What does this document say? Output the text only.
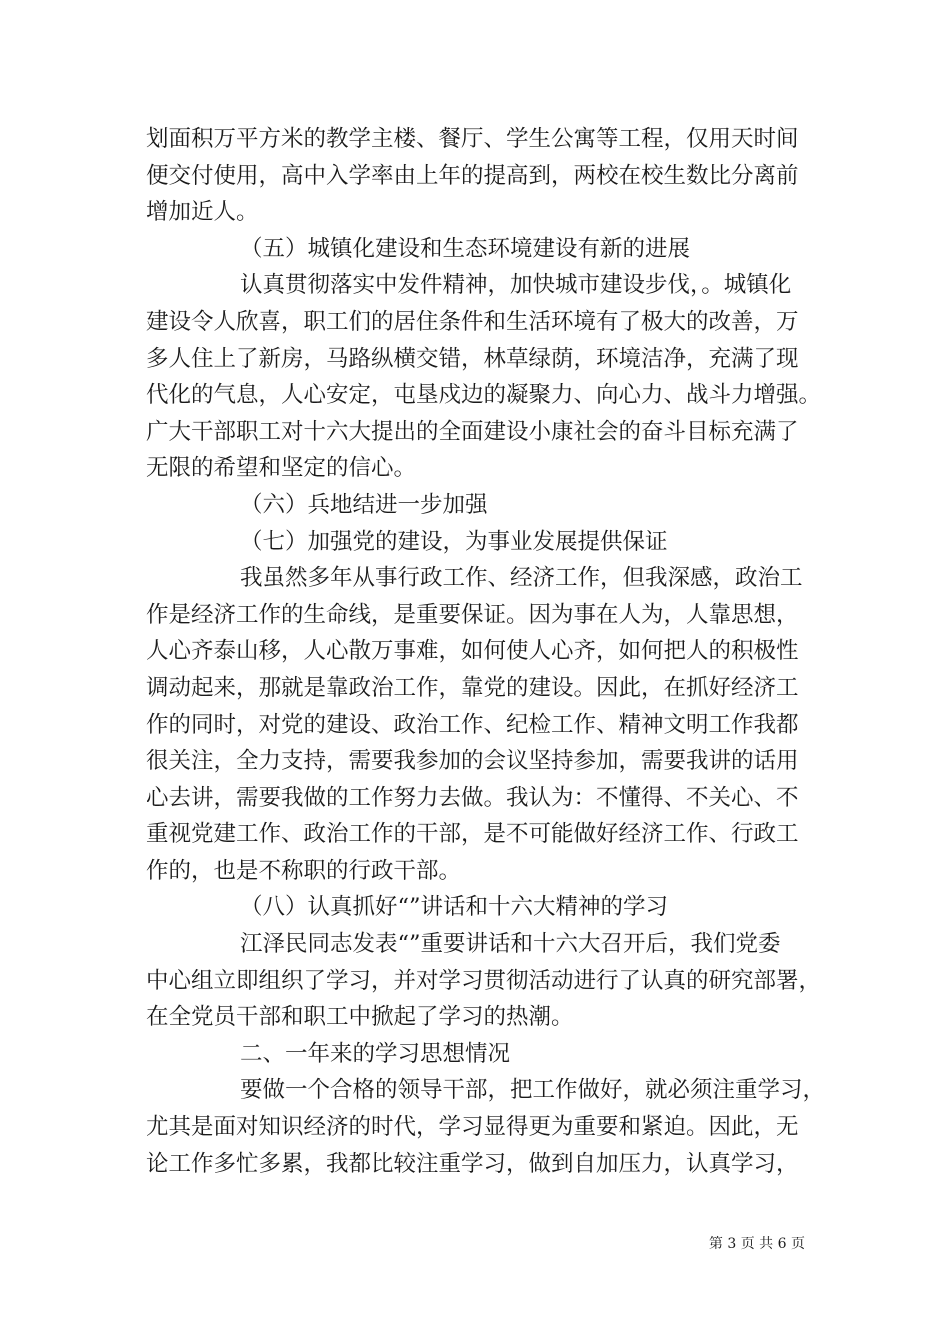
划面积万平方米的教学主楼、餐厅、学生公寓等工程，仅用天时间
便交付使用，高中入学率由上年的提高到，两校在校生数比分离前
增加近人。
（五）城镇化建设和生态环境建设有新的进展
认真贯彻落实中发件精神，加快城市建设步伐，。城镇化
建设令人欣喜，职工们的居住条件和生活环境有了极大的改善，万
多人住上了新房，马路纵横交错，林草绿荫，环境洁净，充满了现
代化的气息，人心安定，屯垦戍边的凝聚力、向心力、战斗力增强。
广大干部职工对十六大提出的全面建设小康社会的奋斗目标充满了
无限的希望和坚定的信心。
（六）兵地结进一步加强
（七）加强党的建设，为事业发展提供保证
我虽然多年从事行政工作、经济工作，但我深感，政治工
作是经济工作的生命线，是重要保证。因为事在人为，人靠思想，
人心齐泰山移，人心散万事难，如何使人心齐，如何把人的积极性
调动起来，那就是靠政治工作，靠党的建设。因此，在抓好经济工
作的同时，对党的建设、政治工作、纪检工作、精神文明工作我都
很关注，全力支持，需要我参加的会议坚持参加，需要我讲的话用
心去讲，需要我做的工作努力去做。我认为：不懂得、不关心、不
重视党建工作、政治工作的干部，是不可能做好经济工作、行政工
作的，也是不称职的行政干部。
（八）认真抓好“”讲话和十六大精神的学习
江泽民同志发表“”重要讲话和十六大召开后，我们党委
中心组立即组织了学习，并对学习贯彻活动进行了认真的研究部署，
在全党员干部和职工中掀起了学习的热潮。
二、一年来的学习思想情况
要做一个合格的领导干部，把工作做好，就必须注重学习，
尤其是面对知识经济的时代，学习显得更为重要和紧迫。因此，无
论工作多忙多累，我都比较注重学习，做到自加压力，认真学习，
第 3 页 共 6 页
